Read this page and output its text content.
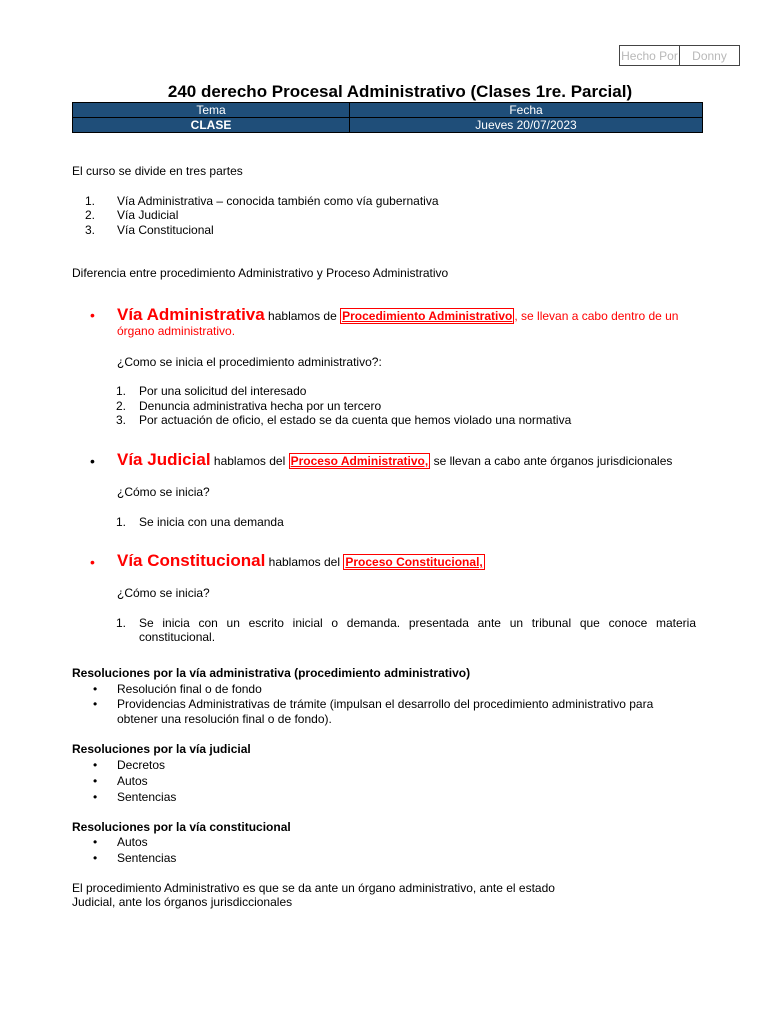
Hecho Por	Donny
240 derecho Procesal Administrativo (Clases 1re. Parcial)
Tema	Fecha
CLASE	Jueves 20/07/2023
El curso se divide en tres partes
1. Vía Administrativa – conocida también como vía gubernativa
2. Vía Judicial
3. Vía Constitucional
Diferencia entre procedimiento Administrativo y Proceso Administrativo
• Vía Administrativa hablamos de Procedimiento Administrativo , se llevan a cabo dentro de un
órgano administrativo.
¿Como se inicia el procedimiento administrativo?:
1. Por una solicitud del interesado
2. Denuncia administrativa hecha por un tercero
3. Por actuación de oficio, el estado se da cuenta que hemos violado una normativa
• Vía Judicial hablamos del Proceso Administrativo, se llevan a cabo ante órganos jurisdicionales
¿Cómo se inicia?
1. Se inicia con una demanda
• Vía Constitucional hablamos del Proceso Constitucional,
¿Cómo se inicia?
1. Se inicia con un escrito inicial o demanda. presentada ante un tribunal que conoce materia
constitucional.
Resoluciones por la vía administrativa (procedimiento administrativo)
• Resolución final o de fondo
• Providencias Administrativas de trámite (impulsan el desarrollo del procedimiento administrativo para
obtener una resolución final o de fondo).
Resoluciones por la vía judicial
• Decretos
• Autos
• Sentencias
Resoluciones por la vía constitucional
• Autos
• Sentencias
El procedimiento Administrativo es que se da ante un órgano administrativo, ante el estado
Judicial, ante los órganos jurisdiccionales
